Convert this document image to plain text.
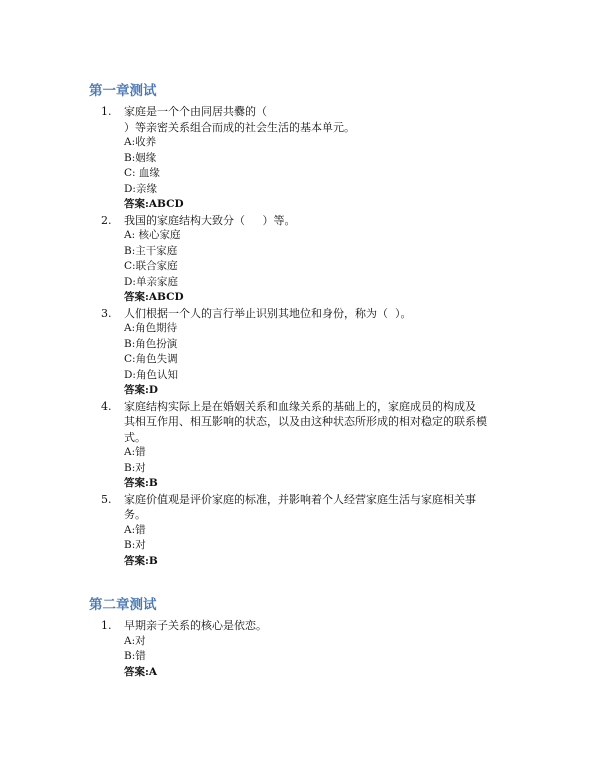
第一章测试
1. 家庭是一个个由同居共爨的（
）等亲密关系组合而成的社会生活的基本单元。

A:收养
B:姻缘
C: 血缘
D:亲缘

答案:ABCD

2. 我国的家庭结构大致分（     ）等。

A: 核心家庭
B:主干家庭
C:联合家庭
D:单亲家庭

答案:ABCD

3. 人们根据一个人的言行举止识别其地位和身份，称为（  ）。

A:角色期待
B:角色扮演
C:角色失调
D:角色认知

答案:D

4. 家庭结构实际上是在婚姻关系和血缘关系的基础上的，家庭成员的构成及
其相互作用、相互影响的状态，以及由这种状态所形成的相对稳定的联系模
式。

A:错
B:对

答案:B

5. 家庭价值观是评价家庭的标准，并影响着个人经营家庭生活与家庭相关事
务。

A:错
B:对

答案:B

第二章测试
1. 早期亲子关系的核心是依恋。

A:对
B:错

答案:A
